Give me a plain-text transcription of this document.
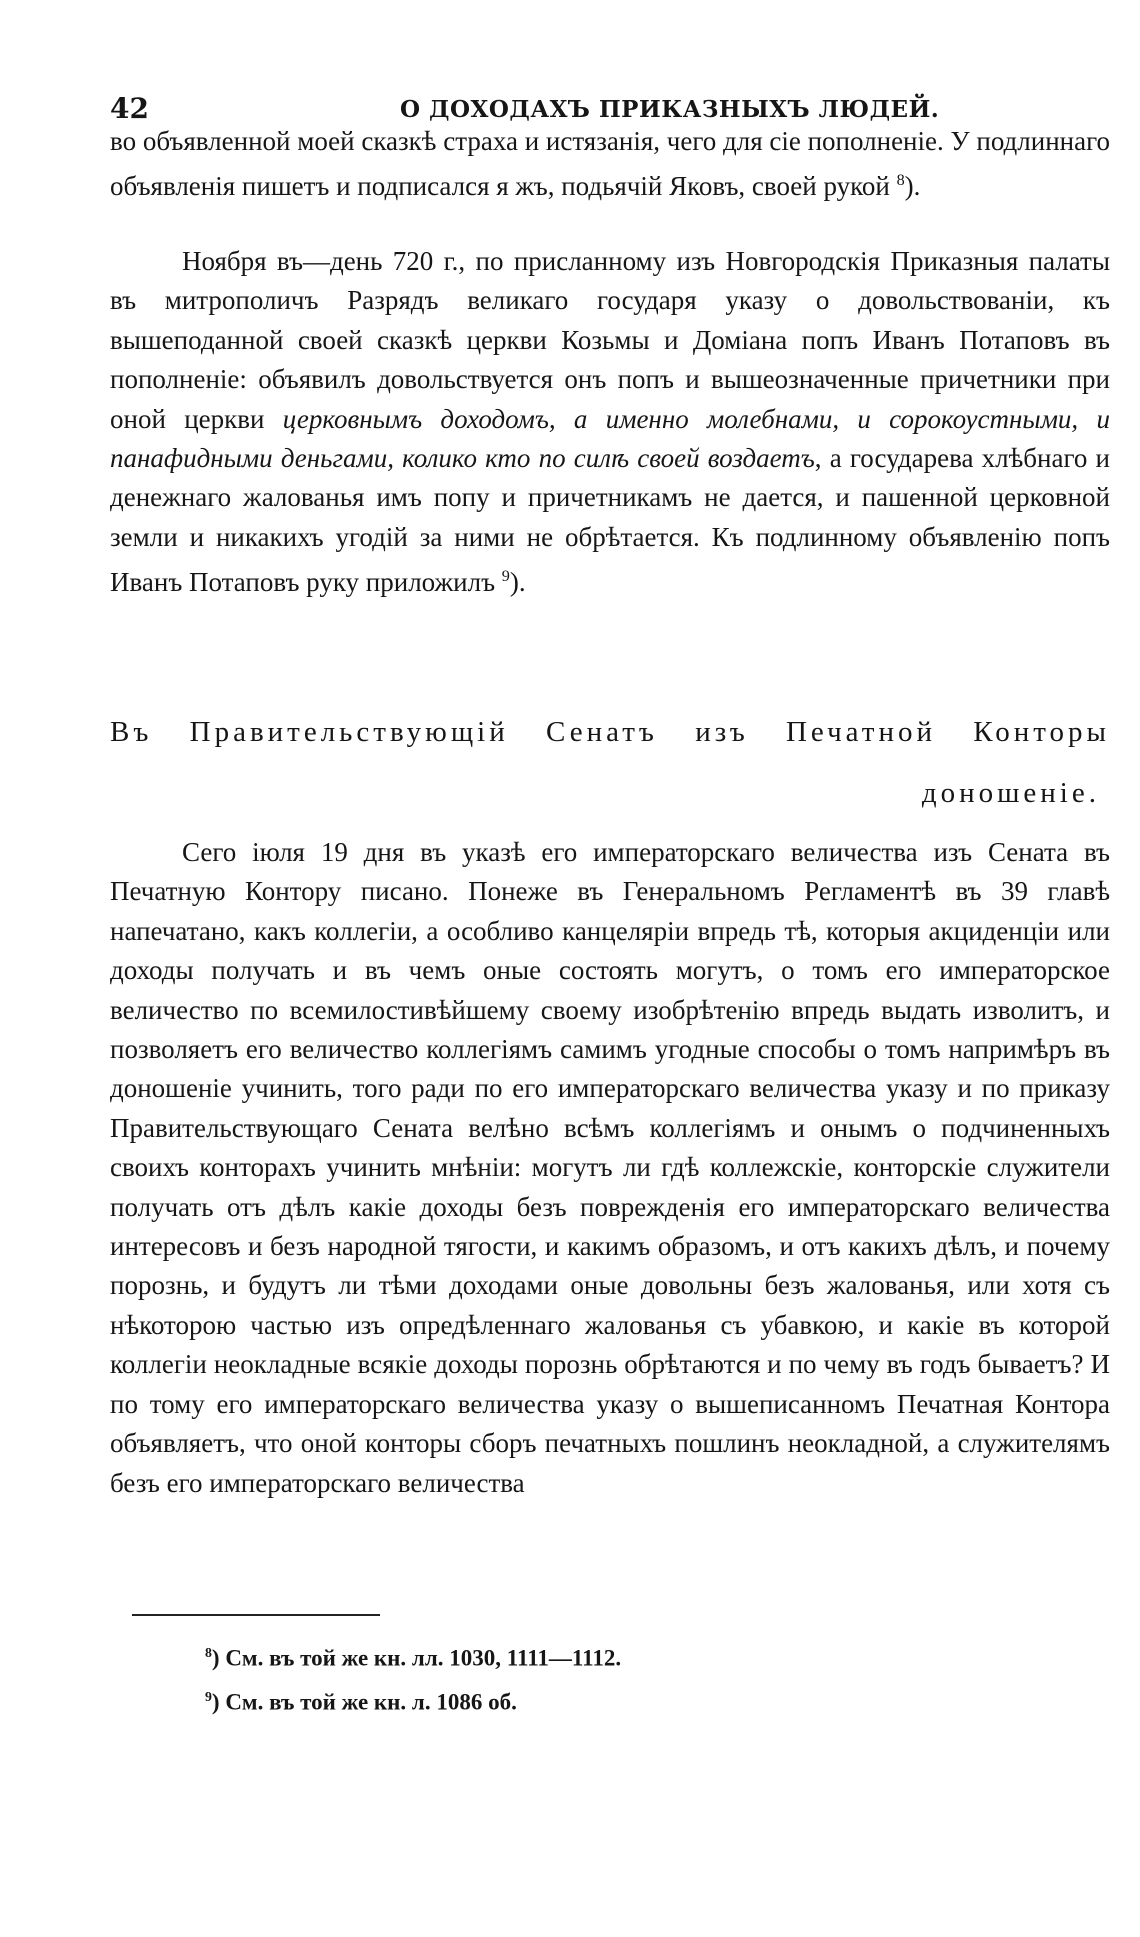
42	О ДОХОДАХЪ ПРИКАЗНЫХЪ ЛЮДЕЙ.

во объявленной моей сказкѣ страха и истязанія, чего для сіе пополненіе. У подлиннаго объявленія пишетъ и подписался я жъ, подьячій Яковъ, своей рукой $^8$).

Ноября въ—день 720 г., по присланному изъ Новгородскія Приказныя палаты въ митрополичъ Разрядъ великаго государя указу о довольствованіи, къ вышеподанной своей сказкѣ церкви Козьмы и Доміана попъ Иванъ Потаповъ въ пополненіе: объявилъ довольствуется онъ попъ и вышеозначенные причетники при оной церкви церковнымъ доходомъ, а именно молебнами, и сорокоустными, и панафидными деньгами, колико кто по силѣ своей воздаетъ, а государева хлѣбнаго и денежнаго жалованья имъ попу и причетникамъ не дается, и пашенной церковной земли и никакихъ угодій за ними не обрѣтается. Къ подлинному объявленію попъ Иванъ Потаповъ руку приложилъ $^9$).

Въ Правительствующій Сенатъ изъ Печатной Конторы
доношеніе.

Сего іюля 19 дня въ указѣ его императорскаго величества изъ Сената въ Печатную Контору писано. Понеже въ Генеральномъ Регламентѣ въ 39 главѣ напечатано, какъ коллегіи, а особливо канцеляріи впредь тѣ, которыя акциденціи или доходы получать и въ чемъ оные состоять могутъ, о томъ его императорское величество по всемилостивѣйшему своему изобрѣтенію впредь выдать изволитъ, и позволяетъ его величество коллегіямъ самимъ угодные способы о томъ напримѣръ въ доношеніе учинить, того ради по его императорскаго величества указу и по приказу Правительствующаго Сената велѣно всѣмъ коллегіямъ и онымъ о подчиненныхъ своихъ конторахъ учинить мнѣніи: могутъ ли гдѣ коллежскіе, конторскіе служители получать отъ дѣлъ какіе доходы безъ поврежденія его императорскаго величества интересовъ и безъ народной тягости, и какимъ образомъ, и отъ какихъ дѣлъ, и почему порознь, и будутъ ли тѣми доходами оные довольны безъ жалованья, или хотя съ нѣкоторою частью изъ опредѣленнаго жалованья съ убавкою, и какіе въ которой коллегіи неокладные всякіе доходы порознь обрѣтаются и по чему въ годъ бываетъ? И по тому его императорскаго величества указу о вышеписанномъ Печатная Контора объявляетъ, что оной конторы сборъ печатныхъ пошлинъ неокладной, а служителямъ безъ его императорскаго величества

$^8$) См. въ той же кн. лл. 1030, 1111—1112.

$^9$) См. въ той же кн. л. 1086 об.
